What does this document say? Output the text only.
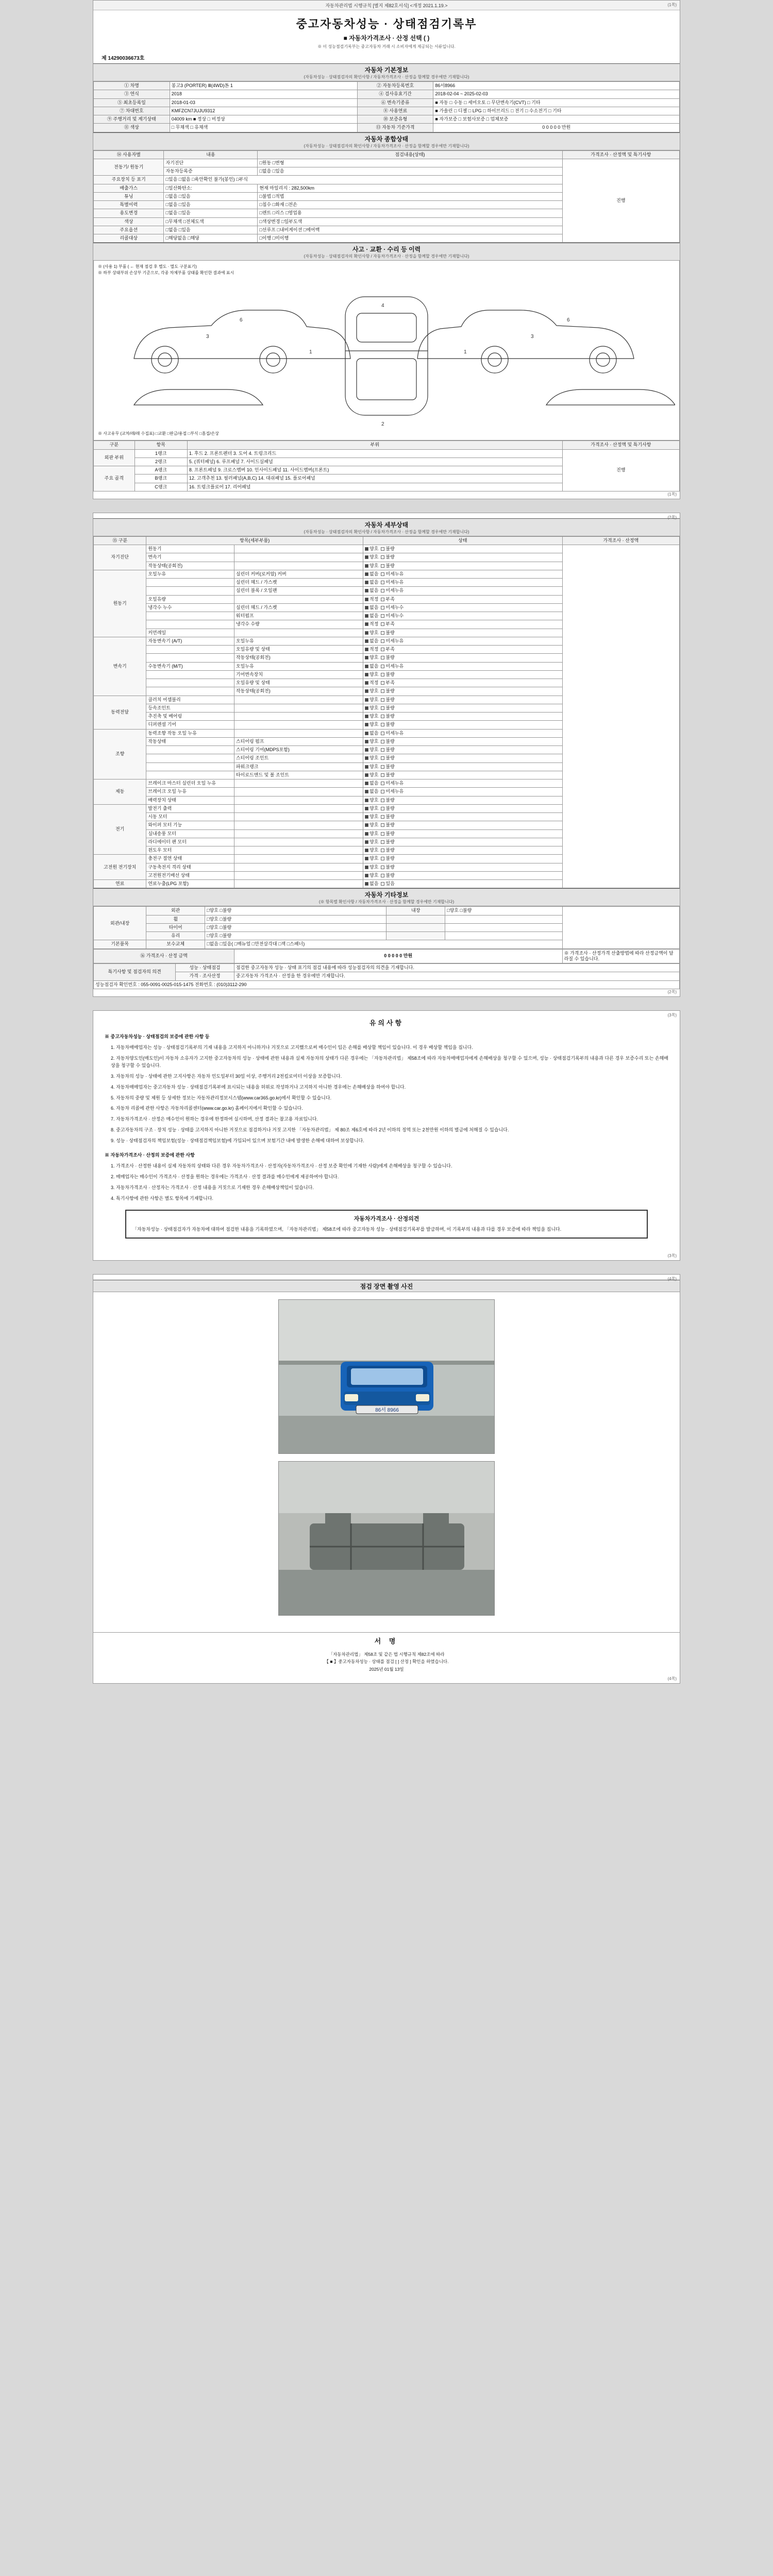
자동차관리법 시행규칙 [별지 제82호서식] <개정 2021.1.19.>	(1쪽)
중고자동차성능 · 상태점검기록부
■ 자동차가격조사 · 산정 선택 ( )
※ 이 성능점검기록부는 중고자동차 거래 시 소비자에게 제공되는 서류입니다.
제 14290036673호
자동차 기본정보
(자동차성능 · 상태점검자의 확인사항 / 자동차가격조사 · 산정을 함께할 경우에만 기재합니다)
① 차명	봉고3 (PORTER) Ⅲ(4WD)톤 1	② 자동차등록번호	86서8966
③ 연식	2018	④ 검사유효기간	2018-02-04 ~ 2025-02-03
⑤ 최초등록일	2018-01-03	⑥ 변속기종류	■ 자동 □ 수동 □ 세미오토 □ 무단변속기(CVT) □ 기타
⑦ 차대번호	KMFZCN7JUJU9312	⑧ 사용연료	■ 가솔린 □ 디젤 □ LPG □ 하이브리드 □ 전기 □ 수소전기 □ 기타
⑨ 주행거리 및 계기상태	04009 km ■ 정상 □ 비정상	⑩ 보증유형	■ 자가보증 □ 보험사보증 □ 업체보증
⑪ 색상	□ 무채색 □ 유채색	⑬ 자동차 기준가격	0 0 0 0 0 만원
자동차 종합상태
(자동차성능 · 상태점검자의 확인사항 / 자동차가격조사 · 산정을 함께할 경우에만 기재합니다)
⑭ 사용자별	내용	점검내용(상태)	가격조사 · 산정액 및 특기사항
전동기/ 원동기	자기진단	□원동 □변형	진행
	자동차등록증	□없음 □있음	
주요장치 등 표기	□있음 □없음 □육안확인 불가(봉인) □부식		
배출가스	□일산화탄소:	현재 마일리지 : 282,500km	
튜닝	□없음 □있음	□불법 □적법	
특별이력	□없음 □있음	□침수 □화재 □전손	
용도변경	□없음 □있음	□렌트 □리스 □영업용	
색상	□무채색 □전체도색	□색상변경 □일부도색	
주요옵션	□없음 □있음	□선루프 □내비게이션 □에어백	
리콜대상	□해당없음 □해당	□이행 □미이행	
사고 · 교환 · 수리 등 이력
(자동차성능 · 상태점검자의 확인사항 / 자동차가격조사 · 산정을 함께할 경우에만 기재합니다)
※ (사용 1) 부품 ( ← 현재 점검 후 별도 · 멸도 구분표기)
※ 하부 상태부위 손상부 기준으로, 각종 차체부품 상태를 확인한 결과에 표시
3
6
1
4
2
3
6
1
※ 사고유무 (교차/래/래 수집표) □교환 □판금/용접 □부식 □흠집/손상
구분	항목	부위	가격조사 · 산정액 및 특기사항
외판 부위	1랭크	1. 후드 2. 프론트펜더 3. 도어 4. 트렁크리드	진행
	2랭크	5. (쿼터패널) 6. 루프패널 7. 사이드실패널	
주요 골격	A랭크	8. 프론트패널 9. 크로스멤버 10. 인사이드패널 11. 사이드멤버(프론트)	
	B랭크	12. 고객추천 13. 필러패널(A,B,C) 14. 대쉬패널 15. 플로어패널	
	C랭크	16. 트렁크플로어 17. 리어패널	
(1쪽)
(2쪽)
자동차 세부상태
(자동차성능 · 상태점검자의 확인사항 / 자동차가격조사 · 산정을 함께할 경우에만 기재합니다)
⑮ 구분	항목(세부부품)		상태	가격조사 · 산정액
자기진단	원동기		양호  불량	
	변속기		양호  불량	
	작동상태(공회전)		양호  불량	
원동기	오일누유	실린더 커버(로커암) 커버	없음  미세누유	
		실린더 헤드 / 가스켓	없음  미세누유	
		실린더 블록 / 오일팬	없음  미세누유	
	오일유량		적정  부족	
	냉각수 누수	실린더 헤드 / 가스켓	없음  미세누수	
		워터펌프	없음  미세누수	
		냉각수 수량	적정  부족	
	커먼레일		양호  불량	
변속기	자동변속기 (A/T)	오일누유	없음  미세누유	
		오일유량 및 상태	적정  부족	
		작동상태(공회전)	양호  불량	
	수동변속기 (M/T)	오일누유	없음  미세누유	
		기어변속장치	양호  불량	
		오일유량 및 상태	적정  부족	
		작동상태(공회전)	양호  불량	
동력전달	클러치 어셈블리		양호  불량	
	등속조인트		양호  불량	
	추진축 및 베어링		양호  불량	
	디퍼렌셜 기어		양호  불량	
조향	동력조향 작동 오일 누유		없음  미세누유	
	작동상태	스티어링 펌프	양호  불량	
		스티어링 기어(MDPS포함)	양호  불량	
		스티어링 조인트	양호  불량	
		파워크랭크	양호  불량	
		타이로드엔드 및 볼 조인트	양호  불량	
제동	브레이크 마스터 실린더 오일 누유		없음  미세누유	
	브레이크 오일 누유		없음  미세누유	
	배력장치 상태		양호  불량	
전기	발전기 출력		양호  불량	
	시동 모터		양호  불량	
	와이퍼 모터 기능		양호  불량	
	실내송풍 모터		양호  불량	
	라디에이터 팬 모터		양호  불량	
	윈도우 모터		양호  불량	
고전원 전기장치	충전구 절연 상태		양호  불량	
	구동축전지 격리 상태		양호  불량	
	고전원전기배선 상태		양호  불량	
연료	연료누출(LPG 포함)		없음  있음	
자동차 기타정보
(※ 항목별 확인사항 / 자동차가격조사 · 산정을 함께할 경우에만 기재합니다)
외관/내장	외관	□양호 □불량	내장	□양호 □불량	
	휠	□양호 □불량			
	타이어	□양호 □불량			
	유리	□양호 □불량			
기본품목	보수교체	□없음 □있음( □매뉴얼 □안전삼각대 □잭 □스패너)			
⑯ 가격조사 · 산정 금액	0 0 0 0 0 만원	※ 가격조사 · 산정가격 산출방법에 따라 산정금액이 달라질 수 있습니다.
특기사항 및 점검자의 의견	성능 · 상태점검	점검한 중고자동차 성능 · 상태 표기의 점검 내용에 따라 성능점검자의 의견을 기재합니다.
	가격 · 조사산정	중고자동차 가격조사 · 산정을 한 경우에만 기재합니다.
성능점검자 확인번호 : 055-0091-0025-015-1475 전화번호 : (010)3112-290		
(2쪽)
(3쪽)
유의사항

※ 중고자동차성능 · 상태점검의 보증에 관한 사항 등

1. 자동차매매업자는 성능 · 상태점검기록부의 기재 내용을 고지하지 아니하거나 거짓으로 고지했으로써 매수인이 입은 손해를 배상할 책임이 있습니다. 이 경우 배상할 책임을 집니다.

2. 자동차양도인(매도인)이 자동차 소유자가 고지한 중고자동차의 성능 · 상태에 관한 내용과 실제 자동차의 상태가 다른 경우에는 「자동차관리법」 제58조에 따라 자동차매매업자에게 손해배상을 청구할 수 있으며, 성능 · 상태점검기록부의 내용과 다른 경우 보증수리 또는 손해배상을 청구할 수 있습니다.

3. 자동차의 성능 · 상태에 관한 고지사항은 자동차 인도일부터 30일 이상, 주행거리 2천킬로미터 이상을 보증합니다.

4. 자동차매매업자는 중고자동차 성능 · 상태점검기록부에 표시되는 내용을 허위로 작성하거나 고지하지 아니한 경우에는 손해배상을 하여야 합니다.

5. 자동차의 중량 및 제원 등 상세한 정보는 자동차관리정보시스템(www.car365.go.kr)에서 확인할 수 있습니다.

6. 자동차 리콜에 관한 사항은 자동차리콜센터(www.car.go.kr) 홈페이지에서 확인할 수 있습니다.

7. 자동차가격조사 · 산정은 매수인이 원하는 경우에 한정하여 실시하며, 산정 결과는 참고용 자료입니다.

8. 중고자동차의 구조 · 장치 성능 · 상태를 고지하지 아니한 거짓으로 점검하거나 거짓 고지한 「자동차관리법」 제 80조 제6호에 따라 2년 이하의 징역 또는 2천만원 이하의 벌금에 처해질 수 있습니다.

9. 성능 · 상태점검자의 책임보험(성능 · 상태점검책임보험)에 가입되어 있으며 보험기간 내에 발생한 손해에 대하여 보상합니다.

※ 자동차가격조사 · 산정의 보증에 관한 사항

1. 가격조사 · 산정한 내용이 실제 자동차의 상태와 다른 경우 자동차가격조사 · 산정자(자동차가격조사 · 산정 보증 확인에 기재한 사람)에게 손해배상을 청구할 수 있습니다.

2. 매매업자는 매수인이 가격조사 · 산정을 원하는 경우에는 가격조사 · 산정 결과를 매수인에게 제공하여야 합니다.

3. 자동차가격조사 · 산정자는 가격조사 · 산정 내용을 거짓으로 기재한 경우 손해배상책임이 있습니다.

4. 특기사항에 관한 사항은 별도 항목에 기재합니다.

자동차가격조사 · 산정의견
「자동차성능 · 상태점검자가 자동차에 대하여 점검한 내용을 기록하였으며, 「자동차관리법」 제58조에 따라 중고자동차 성능 · 상태점검기록부를 발급하며, 이 기록부의 내용과 다를 경우 보증에 따라 책임을 집니다.
(3쪽)
(4쪽)
점검 장면 촬영 사진
86서 8966
서 명
「자동차관리법」 제58조 및 같은 법 시행규칙 제82조에 따라
【 ■ 】중고자동차성능 · 상태를 점검 [ ] 산정 ] 확인을 하였습니다.
2025년 01월 13일
(4쪽)
